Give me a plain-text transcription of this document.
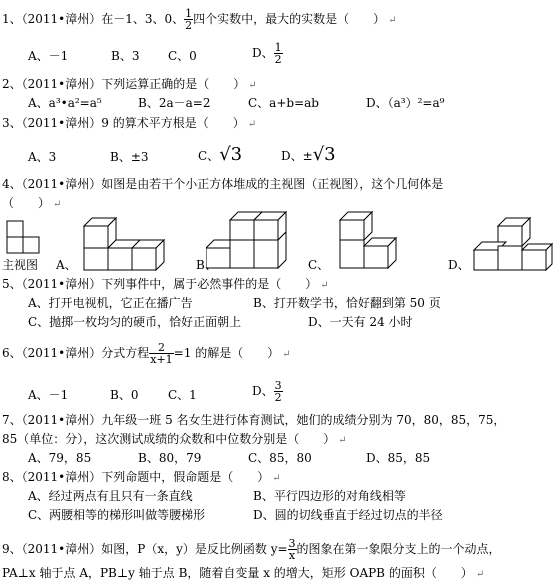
1、（2011•漳州）在－1、3、0、 $\frac{1}{2}$ 四个实数中，最大的实数是（　　） ↵
A、－1	B、3 C、0	D、 $\frac{1}{2}$
2、（2011•漳州）下列运算正确的是（　　） ↵
A、a³•a²=a⁵	B、2a－a=2	C、a+b=ab	D、（a³）²=a⁹
3、（2011•漳州）9 的算术平方根是（　　） ↵
A、3	B、±3	C、√3	D、±√3
4、（2011•漳州）如图是由若干个小正方体堆成的主视图（正视图），这个几何体是
（　　） ↵
主视图 A、	B、	C、	D、
5、（2011•漳州）下列事件中，属于必然事件的是（　　） ↵
A、打开电视机，它正在播广告	B、打开数学书，恰好翻到第 50 页
C、抛掷一枚均匀的硬币，恰好正面朝上	D、一天有 24 小时
6、（2011•漳州）分式方程 $\frac{2}{x+1} =1$ 的解是（　　） ↵
A、－1	B、0 C、1	D、 $\frac{3}{2}$
7、（2011•漳州）九年级一班 5 名女生进行体育测试，她们的成绩分别为 70，80，85，75，
85（单位：分），这次测试成绩的众数和中位数分别是（　　） ↵
A、79，85	B、80，79	C、85，80	D、85，85
8、（2011•漳州）下列命题中，假命题是（　　） ↵
A、经过两点有且只有一条直线	B、平行四边形的对角线相等
C、两腰相等的梯形叫做等腰梯形	D、圆的切线垂直于经过切点的半径
9、（2011•漳州）如图，P（x，y）是反比例函数 $y= \frac{3}{x}$ 的图象在第一象限分支上的一个动点，
PA⊥x 轴于点 A，PB⊥y 轴于点 B，随着自变量 x 的增大，矩形 OAPB 的面积（　　） ↵
